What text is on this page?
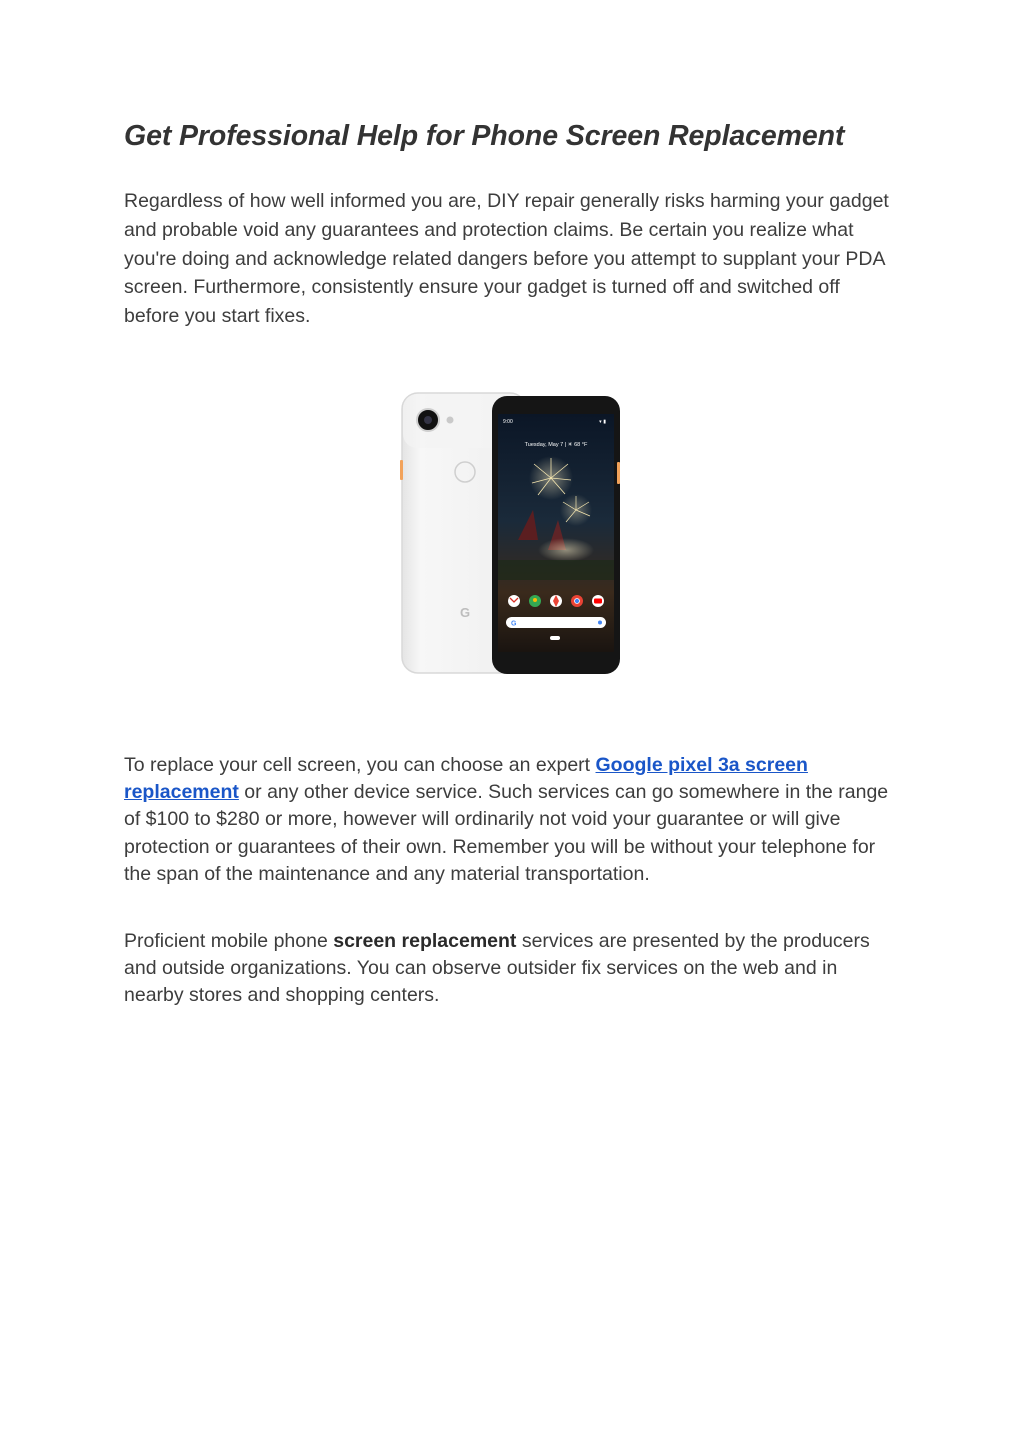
Get Professional Help for Phone Screen Replacement

Regardless of how well informed you are, DIY repair generally risks harming your gadget and probable void any guarantees and protection claims. Be certain you realize what you're doing and acknowledge related dangers before you attempt to supplant your PDA screen. Furthermore, consistently ensure your gadget is turned off and switched off before you start fixes.

To replace your cell screen, you can choose an expert Google pixel 3a screen replacement or any other device service. Such services can go somewhere in the range of $100 to $280 or more, however will ordinarily not void your guarantee or will give protection or guarantees of their own. Remember you will be without your telephone for the span of the maintenance and any material transportation.

Proficient mobile phone screen replacement services are presented by the producers and outside organizations. You can observe outsider fix services on the web and in nearby stores and shopping centers.

G
9:00	▾ ▮
Tuesday, May 7 | ☀ 68 °F
G
